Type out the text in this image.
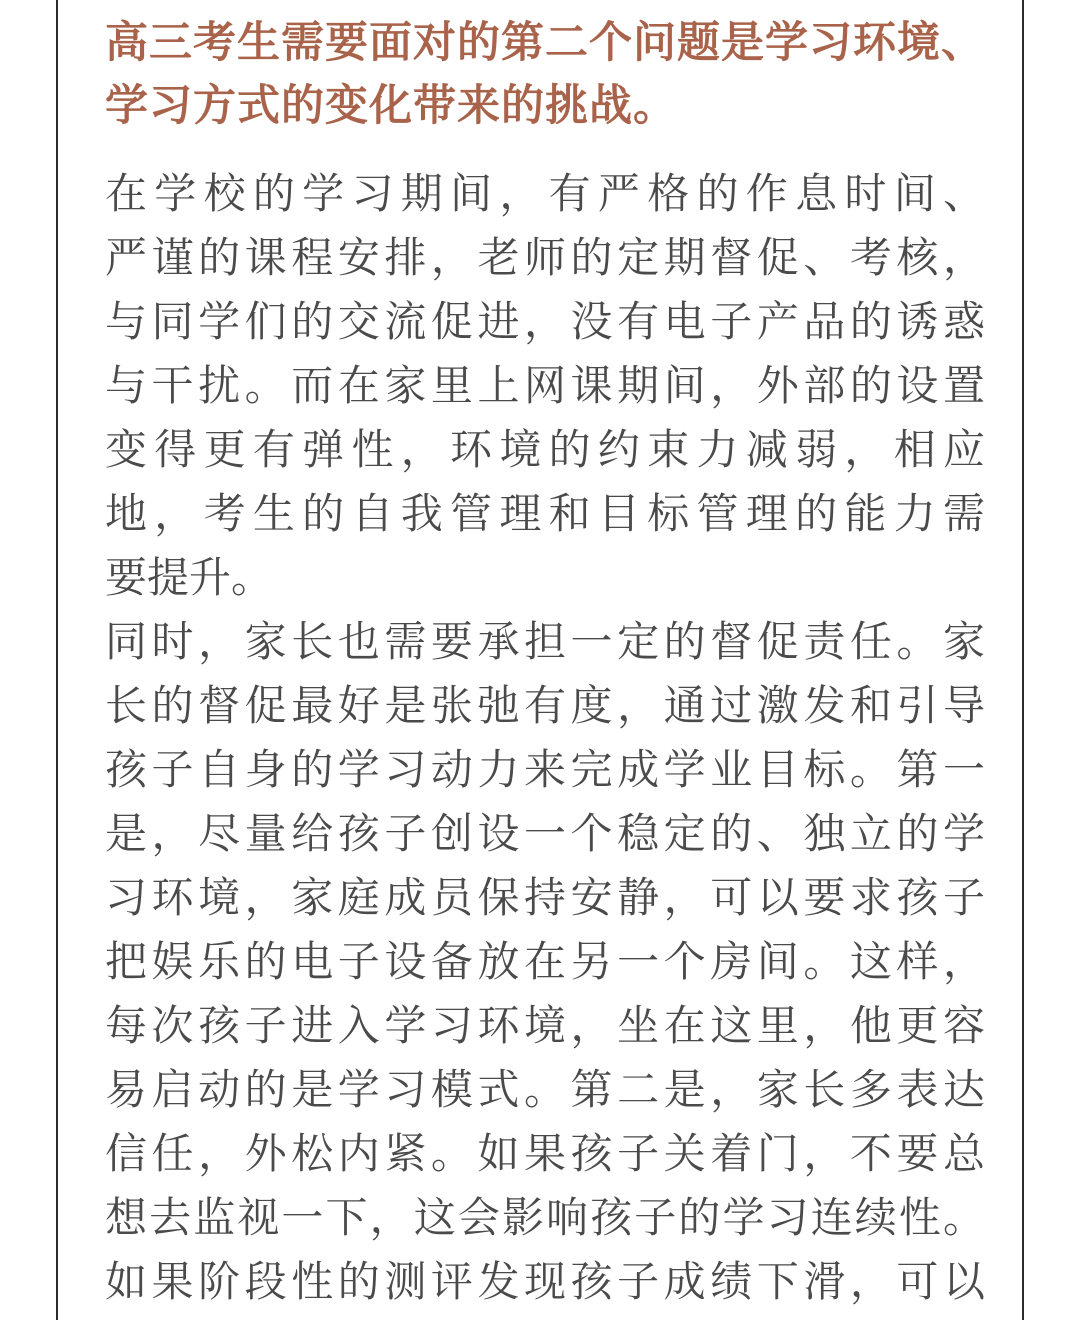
高三考生需要面对的第二个问题是学习环境、
学习方式的变化带来的挑战。
在学校的学习期间，有严格的作息时间、
严谨的课程安排，老师的定期督促、考核，
与同学们的交流促进，没有电子产品的诱惑
与干扰。而在家里上网课期间，外部的设置
变得更有弹性，环境的约束力减弱，相应
地，考生的自我管理和目标管理的能力需
要提升。
同时，家长也需要承担一定的督促责任。家
长的督促最好是张弛有度，通过激发和引导
孩子自身的学习动力来完成学业目标。第一
是，尽量给孩子创设一个稳定的、独立的学
习环境，家庭成员保持安静，可以要求孩子
把娱乐的电子设备放在另一个房间。这样，
每次孩子进入学习环境，坐在这里，他更容
易启动的是学习模式。第二是，家长多表达
信任，外松内紧。如果孩子关着门，不要总
想去监视一下，这会影响孩子的学习连续性。
如果阶段性的测评发现孩子成绩下滑，可以
